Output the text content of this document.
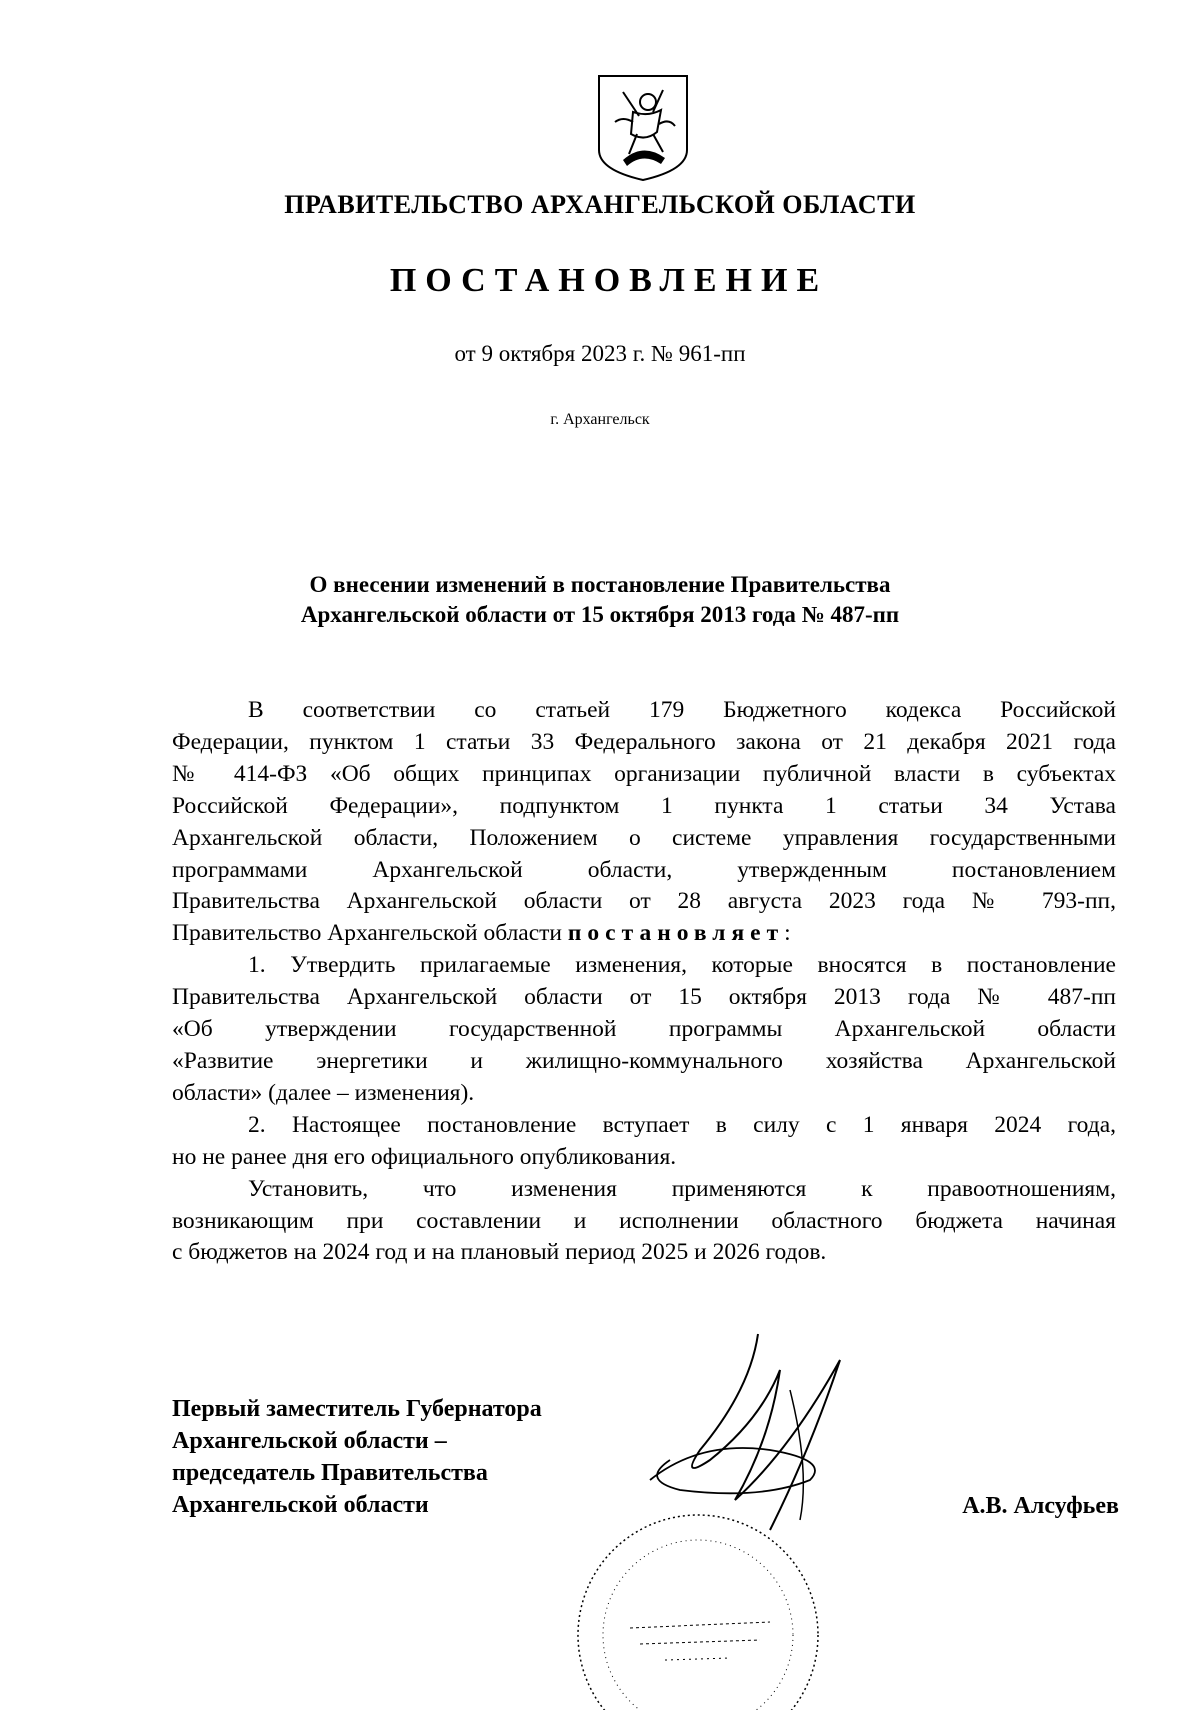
ПРАВИТЕЛЬСТВО АРХАНГЕЛЬСКОЙ ОБЛАСТИ
ПОСТАНОВЛЕНИЕ
от 9 октября 2023 г. № 961-пп
г. Архангельск
О внесении изменений в постановление Правительства
Архангельской области от 15 октября 2013 года № 487-пп

В соответствии со статьей 179 Бюджетного кодекса Российской
Федерации, пунктом 1 статьи 33 Федерального закона от 21 декабря 2021 года
№ 414-ФЗ «Об общих принципах организации публичной власти в субъектах
Российской Федерации», подпунктом 1 пункта 1 статьи 34 Устава
Архангельской области, Положением о системе управления государственными
программами Архангельской области, утвержденным постановлением
Правительства Архангельской области от 28 августа 2023 года № 793-пп,
Правительство Архангельской области постановляет:

1. Утвердить прилагаемые изменения, которые вносятся в постановление
Правительства Архангельской области от 15 октября 2013 года № 487-пп
«Об утверждении государственной программы Архангельской области
«Развитие энергетики и жилищно-коммунального хозяйства Архангельской
области» (далее – изменения).

2. Настоящее постановление вступает в силу с 1 января 2024 года,
но не ранее дня его официального опубликования.

Установить, что изменения применяются к правоотношениям,
возникающим при составлении и исполнении областного бюджета начиная
с бюджетов на 2024 год и на плановый период 2025 и 2026 годов.

Первый заместитель Губернатора
Архангельской области –
председатель Правительства
Архангельской области	А.В. Алсуфьев
